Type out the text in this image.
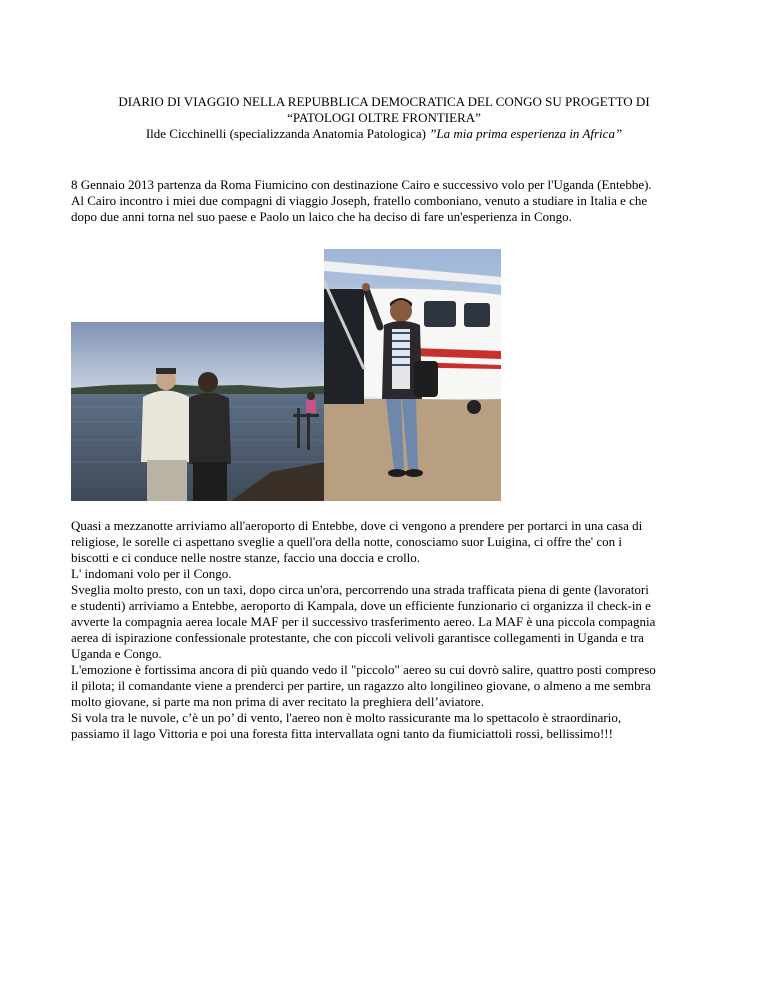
DIARIO DI VIAGGIO NELLA REPUBBLICA DEMOCRATICA DEL CONGO SU PROGETTO DI
“PATOLOGI OLTRE FRONTIERA”
Ilde Cicchinelli (specializzanda Anatomia Patologica) ”La mia prima esperienza in Africa”
8 Gennaio 2013 partenza da Roma Fiumicino con destinazione Cairo e successivo volo per l'Uganda (Entebbe).
Al Cairo incontro i miei due compagni di viaggio Joseph, fratello comboniano, venuto a studiare in Italia e che
dopo due anni torna nel suo paese e Paolo un laico che ha deciso di fare un'esperienza in Congo.
Quasi a mezzanotte arriviamo all'aeroporto di Entebbe, dove ci vengono a prendere per portarci in una casa di
religiose, le sorelle ci aspettano sveglie a quell'ora della notte, conosciamo suor Luigina, ci offre the' con i
biscotti e ci conduce nelle nostre stanze, faccio una doccia e crollo.
L' indomani volo per il Congo.
Sveglia molto presto, con un taxi, dopo circa un'ora, percorrendo una strada trafficata piena di gente (lavoratori
e studenti) arriviamo a Entebbe, aeroporto di Kampala, dove un efficiente funzionario ci organizza il check-in e
avverte la compagnia aerea locale MAF per il successivo trasferimento aereo. La MAF è una piccola compagnia
aerea di ispirazione confessionale protestante, che con piccoli velivoli garantisce collegamenti in Uganda e tra
Uganda e Congo.
L'emozione è fortissima ancora di più quando vedo il "piccolo" aereo su cui dovrò salire, quattro posti compreso
il pilota; il comandante viene a prenderci per partire, un ragazzo alto longilineo giovane, o almeno a me sembra
molto giovane, si parte ma non prima di aver recitato la preghiera dell’aviatore.
Si vola tra le nuvole, c’è un po’ di vento, l'aereo non è molto rassicurante ma lo spettacolo è straordinario,
passiamo il lago Vittoria e poi una foresta fitta intervallata ogni tanto da fiumiciattoli rossi, bellissimo!!!
